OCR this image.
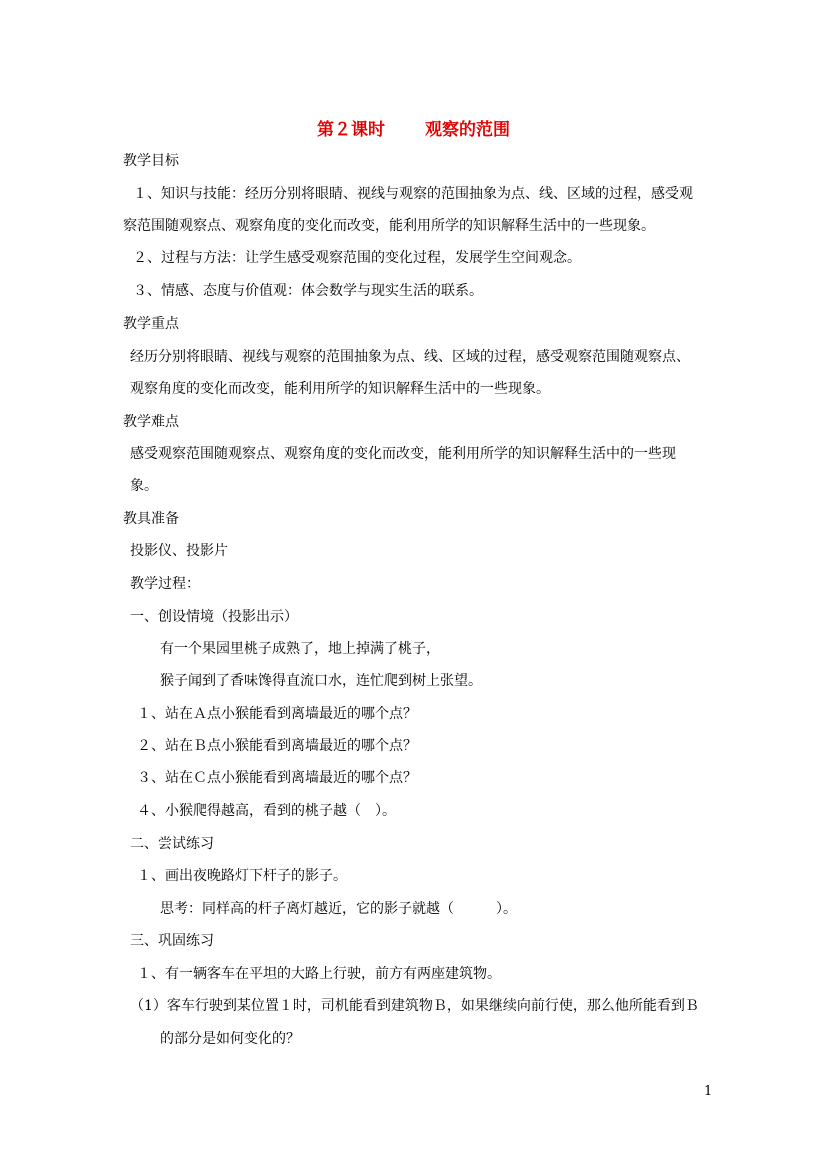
第２课时 观察的范围
教学目标
１、知识与技能：经历分别将眼睛、视线与观察的范围抽象为点、线、区域的过程，感受观
察范围随观察点、观察角度的变化而改变，能利用所学的知识解释生活中的一些现象。
２、过程与方法：让学生感受观察范围的变化过程，发展学生空间观念。
３、情感、态度与价值观：体会数学与现实生活的联系。
教学重点
经历分别将眼睛、视线与观察的范围抽象为点、线、区域的过程，感受观察范围随观察点、
观察角度的变化而改变，能利用所学的知识解释生活中的一些现象。
教学难点
感受观察范围随观察点、观察角度的变化而改变，能利用所学的知识解释生活中的一些现
象。
教具准备
投影仪、投影片
教学过程：
一、创设情境（投影出示）
有一个果园里桃子成熟了，地上掉满了桃子，
猴子闻到了香味馋得直流口水，连忙爬到树上张望。
１、站在Ａ点小猴能看到离墙最近的哪个点？
２、站在Ｂ点小猴能看到离墙最近的哪个点？
３、站在Ｃ点小猴能看到离墙最近的哪个点？
４、小猴爬得越高，看到的桃子越（　）。
二、尝试练习
１、画出夜晚路灯下杆子的影子。
思考：同样高的杆子离灯越近，它的影子就越（　　　）。
三、巩固练习
１、有一辆客车在平坦的大路上行驶，前方有两座建筑物。
（1）客车行驶到某位置１时，司机能看到建筑物Ｂ，如果继续向前行使，那么他所能看到Ｂ
的部分是如何变化的？
1
